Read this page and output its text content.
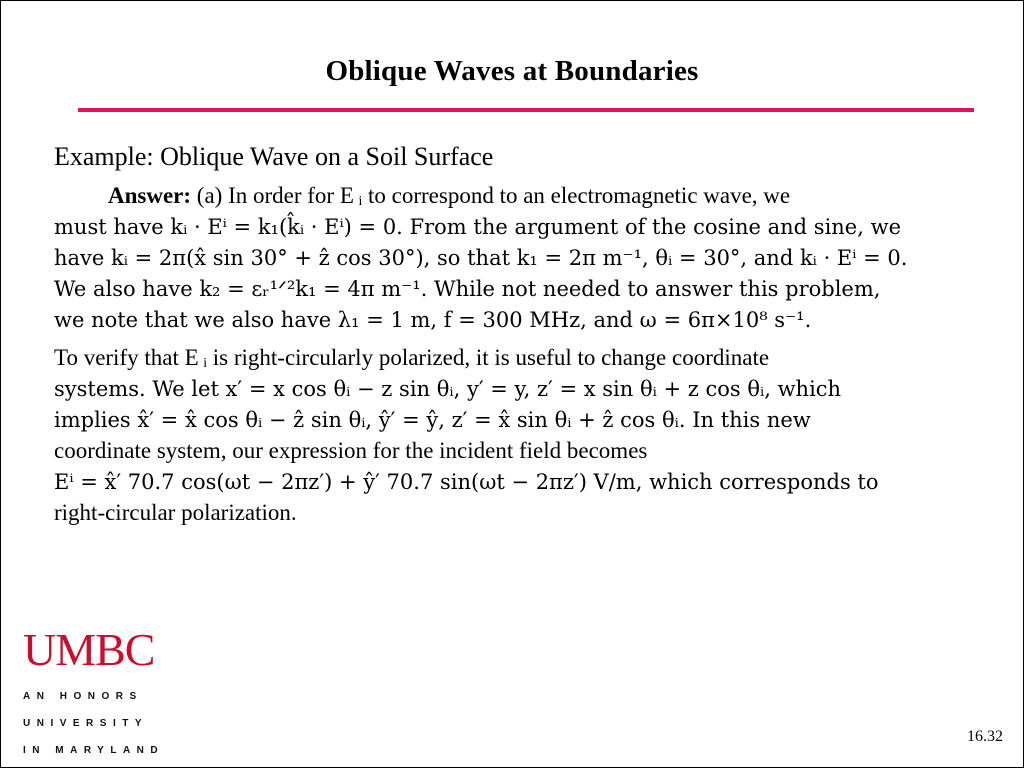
Oblique Waves at Boundaries
Example: Oblique Wave on a Soil Surface
Answer: (a) In order for E ᵢ to correspond to an electromagnetic wave, we
must have kᵢ · Eⁱ = k₁(k̂ᵢ · Eⁱ) = 0. From the argument of the cosine and sine, we
have kᵢ = 2π(x̂ sin 30° + ẑ cos 30°), so that k₁ = 2π m⁻¹, θᵢ = 30°, and kᵢ · Eⁱ = 0.
We also have k₂ = εᵣ¹ᐟ²k₁ = 4π m⁻¹. While not needed to answer this problem,
we note that we also have λ₁ = 1 m, f = 300 MHz, and ω = 6π×10⁸ s⁻¹.
To verify that E ᵢ is right-circularly polarized, it is useful to change coordinate
systems. We let x′ = x cos θᵢ − z sin θᵢ, y′ = y, z′ = x sin θᵢ + z cos θᵢ, which
implies x̂′ = x̂ cos θᵢ − ẑ sin θᵢ, ŷ′ = ŷ, z′ = x̂ sin θᵢ + ẑ cos θᵢ. In this new
coordinate system, our expression for the incident field becomes
Eⁱ = x̂′ 70.7 cos(ωt − 2πz′) + ŷ′ 70.7 sin(ωt − 2πz′) V/m, which corresponds to
right-circular polarization.
UMBC
AN HONORS
UNIVERSITY
IN MARYLAND
16.32
